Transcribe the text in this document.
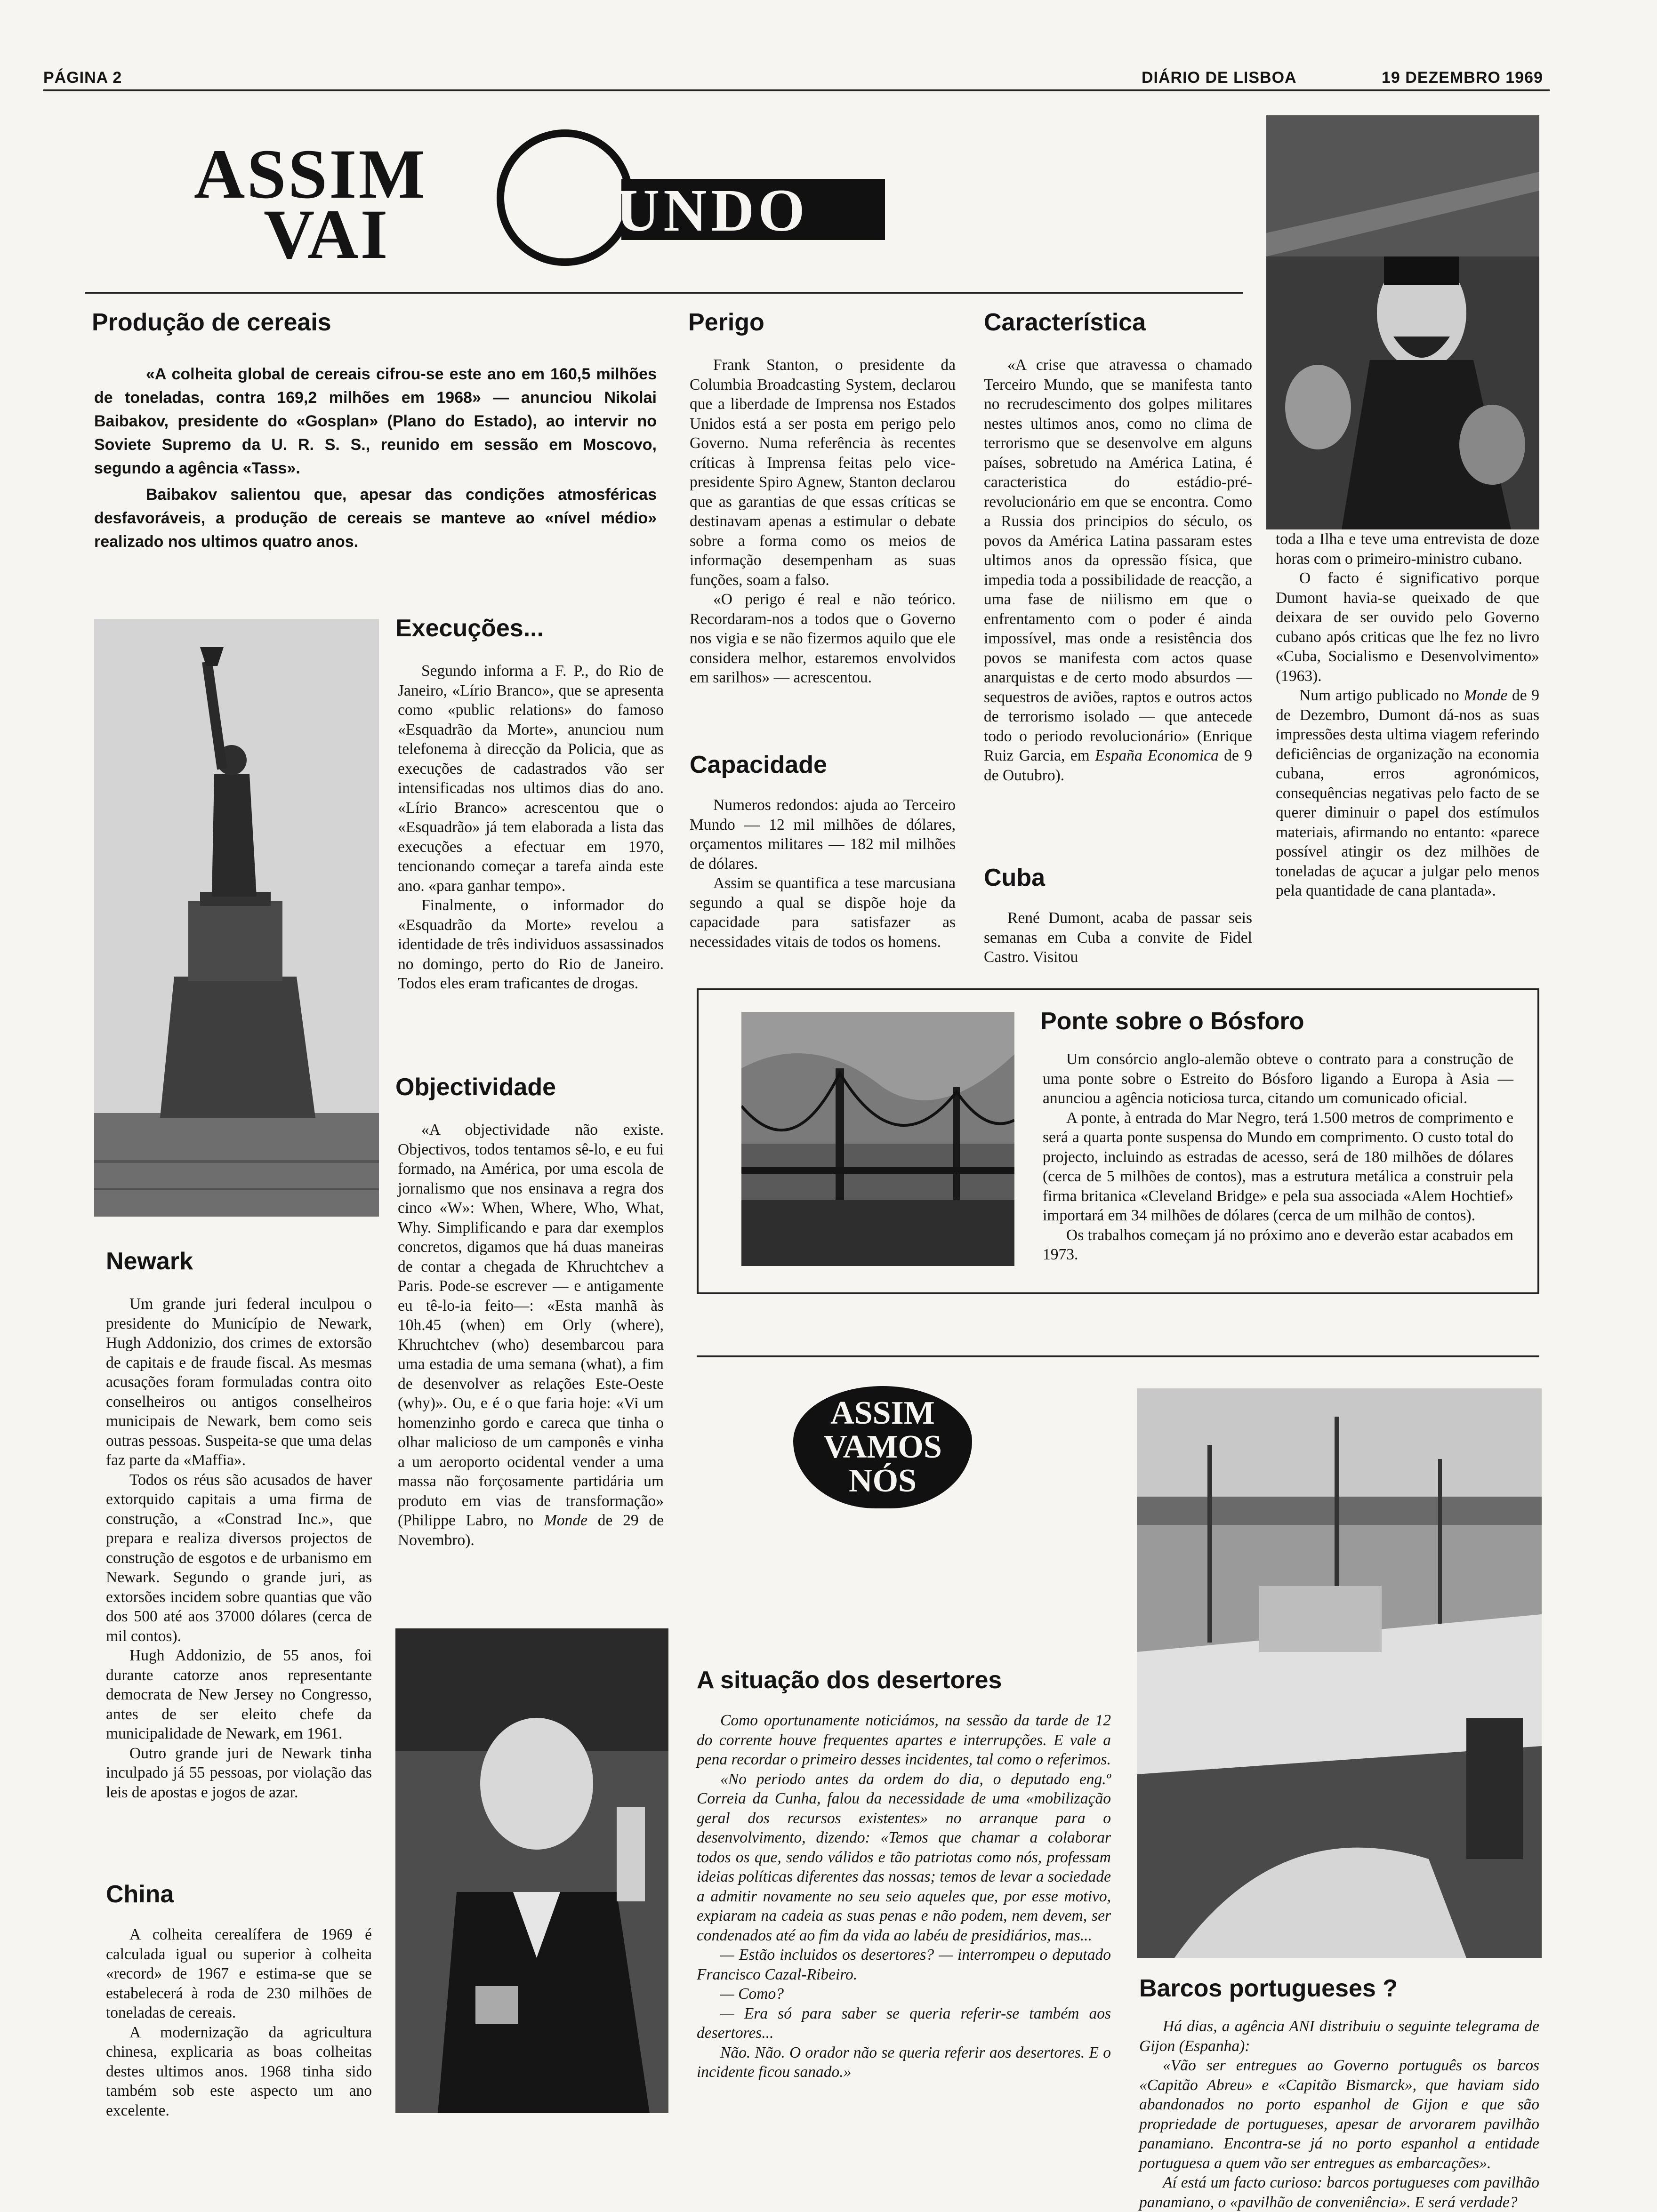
PÁGINA 2	DIÁRIO DE LISBOA	19 DEZEMBRO 1969
ASSIM
VAI	MUNDO
Produção de cereais

«A colheita global de cereais cifrou-se este ano em 160,5 milhões de toneladas, contra 169,2 milhões em 1968» — anunciou Nikolai Baibakov, presidente do «Gosplan» (Plano do Estado), ao intervir no Soviete Supremo da U. R. S. S., reunido em sessão em Moscovo, segundo a agência «Tass».

Baibakov salientou que, apesar das condições atmosféricas desfavoráveis, a produção de cereais se manteve ao «nível médio» realizado nos ultimos quatro anos.

Perigo

Frank Stanton, o presidente da Columbia Broadcasting System, declarou que a liberdade de Imprensa nos Estados Unidos está a ser posta em perigo pelo Governo. Numa referência às recentes críticas à Imprensa feitas pelo vice-presidente Spiro Agnew, Stanton declarou que as garantias de que essas críticas se destinavam apenas a estimular o debate sobre a forma como os meios de informação desempenham as suas funções, soam a falso.

«O perigo é real e não teórico. Recordaram-nos a todos que o Governo nos vigia e se não fizermos aquilo que ele considera melhor, estaremos envolvidos em sarilhos» — acrescentou.

Capacidade

Numeros redondos: ajuda ao Terceiro Mundo — 12 mil milhões de dólares, orçamentos militares — 182 mil milhões de dólares.

Assim se quantifica a tese marcusiana segundo a qual se dispõe hoje da capacidade para satisfazer as necessidades vitais de todos os homens.

Característica

«A crise que atravessa o chamado Terceiro Mundo, que se manifesta tanto no recrudescimento dos golpes militares nestes ultimos anos, como no clima de terrorismo que se desenvolve em alguns países, sobretudo na América Latina, é caracteristica do estádio-pré-revolucionário em que se encontra. Como a Russia dos principios do século, os povos da América Latina passaram estes ultimos anos da opressão física, que impedia toda a possibilidade de reacção, a uma fase de niilismo em que o enfrentamento com o poder é ainda impossível, mas onde a resistência dos povos se manifesta com actos quase anarquistas e de certo modo absurdos — sequestros de aviões, raptos e outros actos de terrorismo isolado — que antecede todo o periodo revolucionário» (Enrique Ruiz Garcia, em España Economica de 9 de Outubro).

Cuba

René Dumont, acaba de passar seis semanas em Cuba a convite de Fidel Castro. Visitou

toda a Ilha e teve uma entrevista de doze horas com o primeiro-ministro cubano.

O facto é significativo porque Dumont havia-se queixado de que deixara de ser ouvido pelo Governo cubano após criticas que lhe fez no livro «Cuba, Socialismo e Desenvolvimento» (1963).

Num artigo publicado no Monde de 9 de Dezembro, Dumont dá-nos as suas impressões desta ultima viagem referindo deficiências de organização na economia cubana, erros agronómicos, consequências negativas pelo facto de se querer diminuir o papel dos estímulos materiais, afirmando no entanto: «parece possível atingir os dez milhões de toneladas de açucar a julgar pelo menos pela quantidade de cana plantada».

Execuções...

Segundo informa a F. P., do Rio de Janeiro, «Lírio Branco», que se apresenta como «public relations» do famoso «Esquadrão da Morte», anunciou num telefonema à direcção da Policia, que as execuções de cadastrados vão ser intensificadas nos ultimos dias do ano. «Lírio Branco» acrescentou que o «Esquadrão» já tem elaborada a lista das execuções a efectuar em 1970, tencionando começar a tarefa ainda este ano. «para ganhar tempo».

Finalmente, o informador do «Esquadrão da Morte» revelou a identidade de três individuos assassinados no domingo, perto do Rio de Janeiro. Todos eles eram traficantes de drogas.

Objectividade

«A objectividade não existe. Objectivos, todos tentamos sê-lo, e eu fui formado, na América, por uma escola de jornalismo que nos ensinava a regra dos cinco «W»: When, Where, Who, What, Why. Simplificando e para dar exemplos concretos, digamos que há duas maneiras de contar a chegada de Khruchtchev a Paris. Pode-se escrever — e antigamente eu tê-lo-ia feito—: «Esta manhã às 10h.45 (when) em Orly (where), Khruchtchev (who) desembarcou para uma estadia de uma semana (what), a fim de desenvolver as relações Este-Oeste (why)». Ou, e é o que faria hoje: «Vi um homenzinho gordo e careca que tinha o olhar malicioso de um camponês e vinha a um aeroporto ocidental vender a uma massa não forçosamente partidária um produto em vias de transformação» (Philippe Labro, no Monde de 29 de Novembro).

Newark

Um grande juri federal inculpou o presidente do Município de Newark, Hugh Addonizio, dos crimes de extorsão de capitais e de fraude fiscal. As mesmas acusações foram formuladas contra oito conselheiros ou antigos conselheiros municipais de Newark, bem como seis outras pessoas. Suspeita-se que uma delas faz parte da «Maffia».

Todos os réus são acusados de haver extorquido capitais a uma firma de construção, a «Constrad Inc.», que prepara e realiza diversos projectos de construção de esgotos e de urbanismo em Newark. Segundo o grande juri, as extorsões incidem sobre quantias que vão dos 500 até aos 37000 dólares (cerca de mil contos).

Hugh Addonizio, de 55 anos, foi durante catorze anos representante democrata de New Jersey no Congresso, antes de ser eleito chefe da municipalidade de Newark, em 1961.

Outro grande juri de Newark tinha inculpado já 55 pessoas, por violação das leis de apostas e jogos de azar.

China

A colheita cerealífera de 1969 é calculada igual ou superior à colheita «record» de 1967 e estima-se que se estabelecerá à roda de 230 milhões de toneladas de cereais.

A modernização da agricultura chinesa, explicaria as boas colheitas destes ultimos anos. 1968 tinha sido também sob este aspecto um ano excelente.

Ponte sobre o Bósforo

Um consórcio anglo-alemão obteve o contrato para a construção de uma ponte sobre o Estreito do Bósforo ligando a Europa à Asia — anunciou a agência noticiosa turca, citando um comunicado oficial.

A ponte, à entrada do Mar Negro, terá 1.500 metros de comprimento e será a quarta ponte suspensa do Mundo em comprimento. O custo total do projecto, incluindo as estradas de acesso, será de 180 milhões de dólares (cerca de 5 milhões de contos), mas a estrutura metálica a construir pela firma britanica «Cleveland Bridge» e pela sua associada «Alem Hochtief» importará em 34 milhões de dólares (cerca de um milhão de contos).

Os trabalhos começam já no próximo ano e deverão estar acabados em 1973.

ASSIM
VAMOS
NÓS
A situação dos desertores

Como oportunamente noticiámos, na sessão da tarde de 12 do corrente houve frequentes apartes e interrupções. E vale a pena recordar o primeiro desses incidentes, tal como o referimos.

«No periodo antes da ordem do dia, o deputado eng.º Correia da Cunha, falou da necessidade de uma «mobilização geral dos recursos existentes» no arranque para o desenvolvimento, dizendo: «Temos que chamar a colaborar todos os que, sendo válidos e tão patriotas como nós, professam ideias políticas diferentes das nossas; temos de levar a sociedade a admitir novamente no seu seio aqueles que, por esse motivo, expiaram na cadeia as suas penas e não podem, nem devem, ser condenados até ao fim da vida ao labéu de presidiários, mas...

— Estão incluidos os desertores? — interrompeu o deputado Francisco Cazal-Ribeiro.

— Como?

— Era só para saber se queria referir-se também aos desertores...

Não. Não. O orador não se queria referir aos desertores. E o incidente ficou sanado.»

Barcos portugueses ?

Há dias, a agência ANI distribuiu o seguinte telegrama de Gijon (Espanha):

«Vão ser entregues ao Governo português os barcos «Capitão Abreu» e «Capitão Bismarck», que haviam sido abandonados no porto espanhol de Gijon e que são propriedade de portugueses, apesar de arvorarem pavilhão panamiano. Encontra-se já no porto espanhol a entidade portuguesa a quem vão ser entregues as embarcações».

Aí está um facto curioso: barcos portugueses com pavilhão panamiano, o «pavilhão de conveniência». E será verdade?
